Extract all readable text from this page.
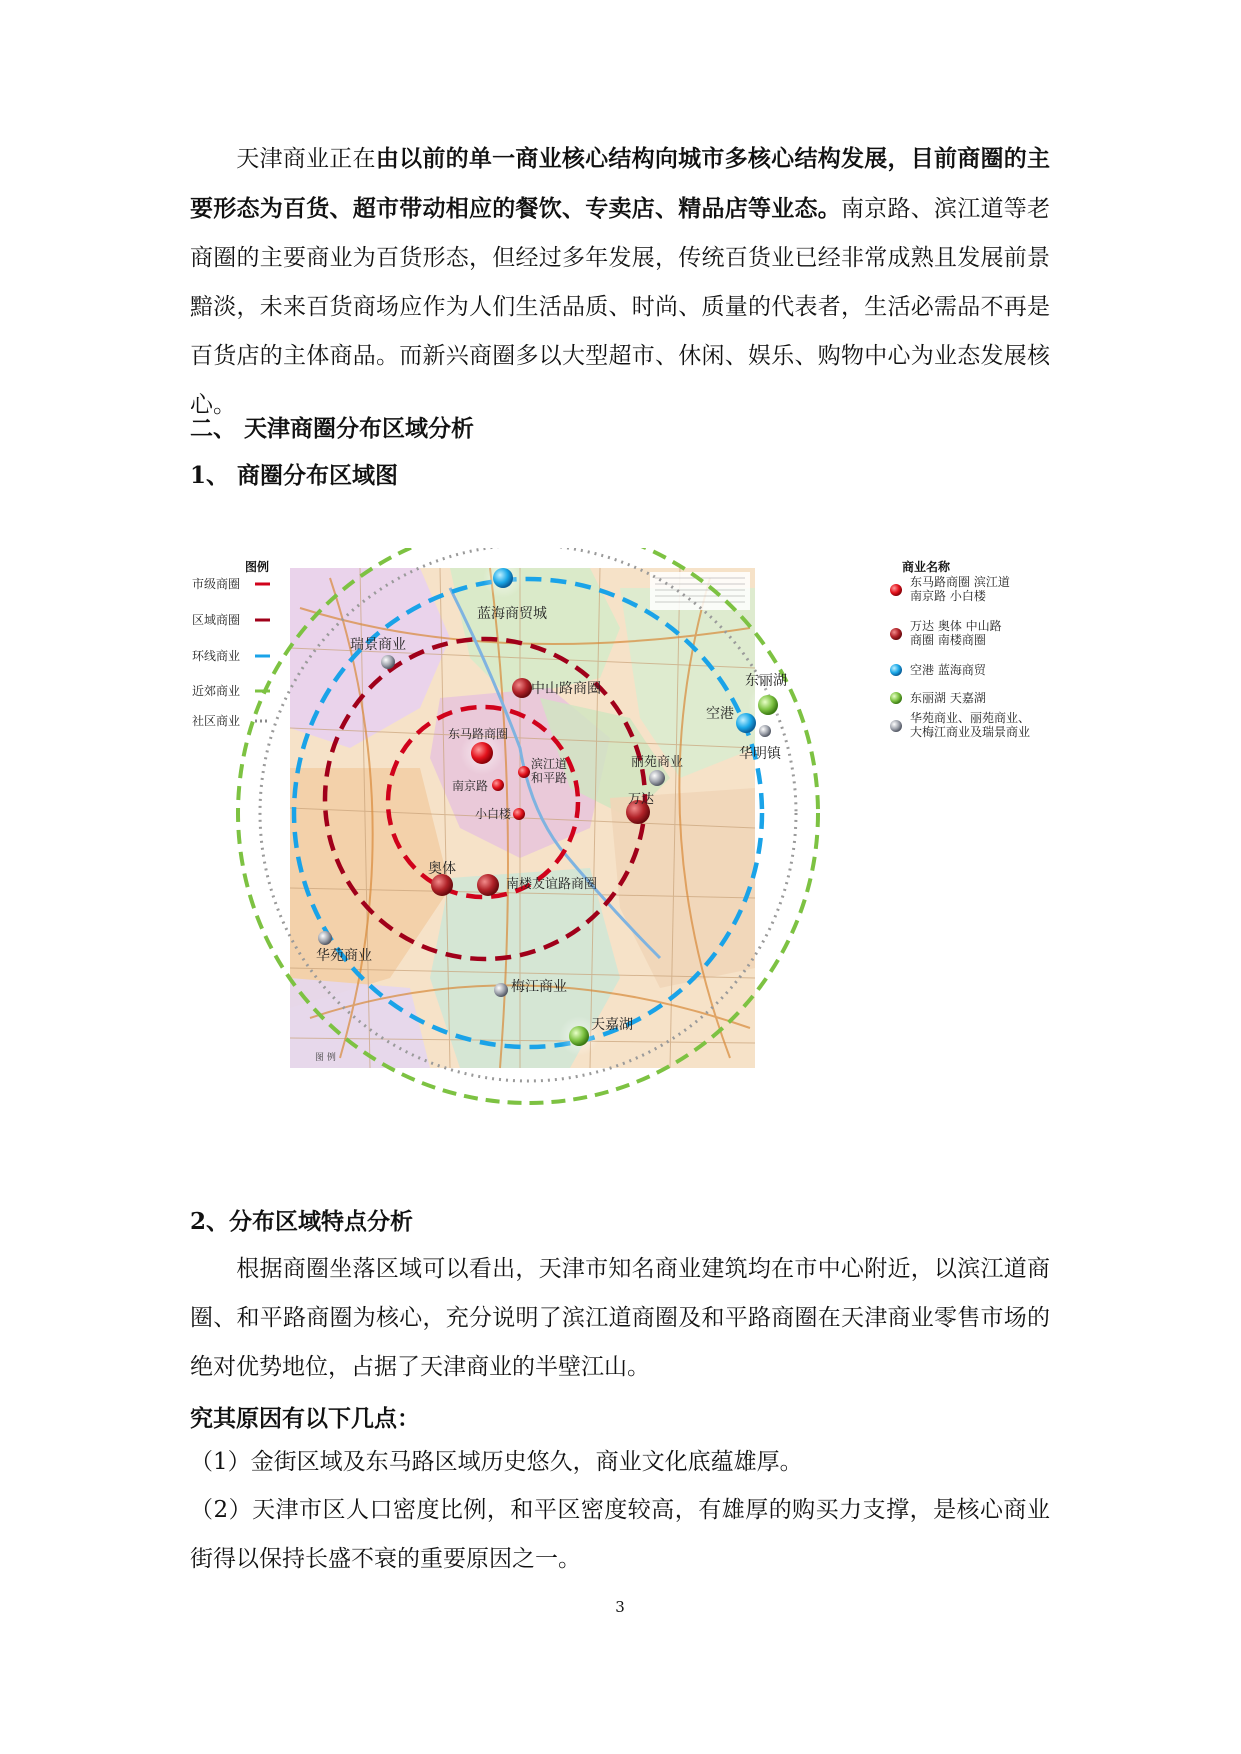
天津商业正在由以前的单一商业核心结构向城市多核心结构发展，目前商圈的主要形态为百货、超市带动相应的餐饮、专卖店、精品店等业态。南京路、滨江道等老商圈的主要商业为百货形态，但经过多年发展，传统百货业已经非常成熟且发展前景黯淡，未来百货商场应作为人们生活品质、时尚、质量的代表者，生活必需品不再是百货店的主体商品。而新兴商圈多以大型超市、休闲、娱乐、购物中心为业态发展核心。
二、 天津商圈分布区域分析
1、 商圈分布区域图
图例	商业名称
图 例
市级商圈
区域商圈
环线商业
近郊商业
社区商业
东马路商圈 滨江道 南京路 小白楼
万达 奥体 中山路 商圈 南楼商圈
空港 蓝海商贸
东丽湖 天嘉湖
华苑商业、丽苑商业、大梅江商业及瑞景商业
蓝海商贸城
瑞景商业
中山路商圈
东马路商圈
滨江道
和平路
南京路
小白楼
丽苑商业
万达
奥体
南楼友谊路商圈
华苑商业
梅江商业
天嘉湖
东丽湖
空港
华明镇
2、分布区域特点分析
根据商圈坐落区域可以看出，天津市知名商业建筑均在市中心附近，以滨江道商圈、和平路商圈为核心，充分说明了滨江道商圈及和平路商圈在天津商业零售市场的绝对优势地位，占据了天津商业的半壁江山。
究其原因有以下几点：
（1）金街区域及东马路区域历史悠久，商业文化底蕴雄厚。
（2）天津市区人口密度比例，和平区密度较高，有雄厚的购买力支撑，是核心商业街得以保持长盛不衰的重要原因之一。
3
